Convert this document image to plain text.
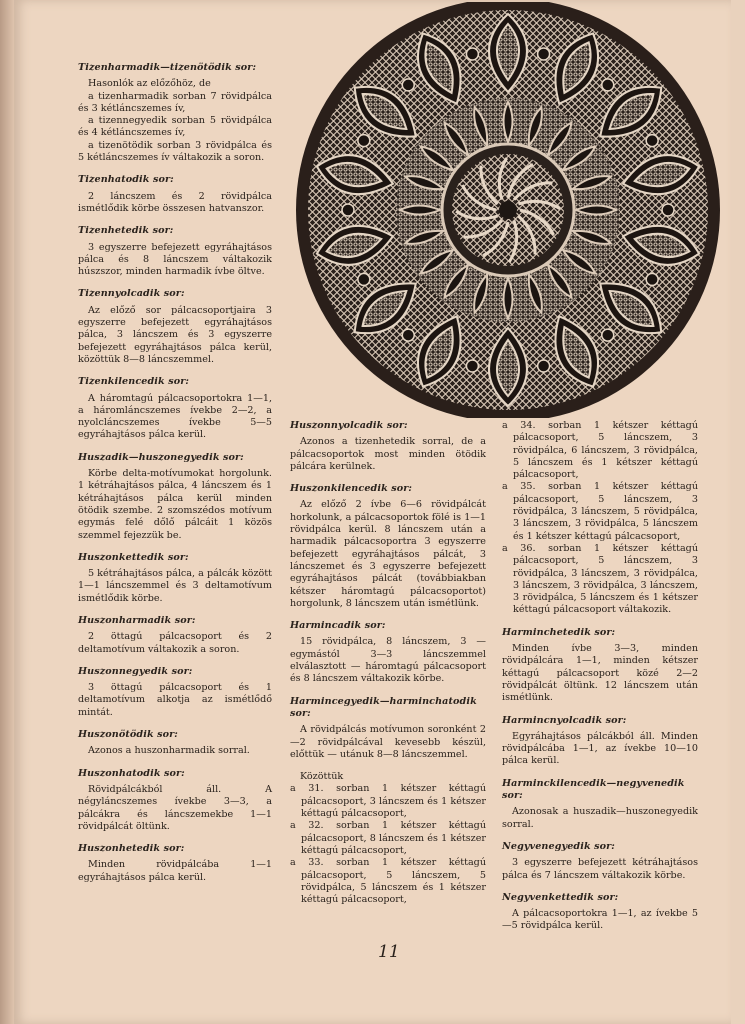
Tizenharmadik—tizenötödik sor:

Hasonlók az előzőhöz, de

a tizenharmadik sorban 7 rövidpálca és 3 kétláncszemes ív,

a tizennegyedik sorban 5 rövidpálca és 4 kétláncszemes ív,

a tizenötödik sorban 3 rövidpálca és 5 kétláncszemes ív váltakozik a soron.

Tizenhatodik sor:

2 láncszem és 2 rövidpálca ismétlődik körbe összesen hatvanszor.

Tizenhetedik sor:

3 egyszerre befejezett egyráhajtásos pálca és 8 láncszem váltakozik húszszor, minden harmadik ívbe öltve.

Tizennyolcadik sor:

Az előző sor pálcacsoportjaira 3 egyszerre befejezett egyráhajtásos pálca, 3 láncszem és 3 egyszerre befejezett egyráhajtásos pálca kerül, közöttük 8—8 láncszemmel.

Tizenkilencedik sor:

A háromtagú pálcacsoportokra 1—1, a háromláncszemes ívekbe 2—2, a nyolcláncszemes ívekbe 5—5 egyráhajtásos pálca kerül.

Huszadik—huszonegyedik sor:

Körbe delta-motívumokat horgolunk. 1 kétráhajtásos pálca, 4 láncszem és 1 kétráhajtásos pálca kerül minden ötödik szembe. 2 szomszédos motívum egymás felé dőlő pálcáit 1 közös szemmel fejezzük be.

Huszonkettedik sor:

5 kétráhajtásos pálca, a pálcák között 1—1 láncszemmel és 3 deltamotívum ismétlődik körbe.

Huszonharmadik sor:

2 öttagú pálcacsoport és 2 deltamotívum váltakozik a soron.

Huszonnegyedik sor:

3 öttagú pálcacsoport és 1 deltamotívum alkotja az ismétlődő mintát.

Huszonötödik sor:

Azonos a huszonharmadik sorral.

Huszonhatodik sor:

Rövidpálcákból áll. A négyláncszemes ívekbe 3—3, a pálcákra és láncszemekbe 1—1 rövidpálcát öltünk.

Huszonhetedik sor:

Minden rövidpálcába 1—1 egyráhajtásos pálca kerül.

Huszonnyolcadik sor:

Azonos a tizenhetedik sorral, de a pálcacsoportok most minden ötödik pálcára kerülnek.

Huszonkilencedik sor:

Az előző 2 ívbe 6—6 rövidpálcát horkolunk, a pálcacsoportok fölé is 1—1 rövidpálca kerül. 8 láncszem után a harmadik pálcacsoportra 3 egyszerre befejezett egyráhajtásos pálcát, 3 láncszemet és 3 egyszerre befejezett egyráhajtásos pálcát (továbbiakban kétszer háromtagú pálcacsoportot) horgolunk, 8 láncszem után ismétlünk.

Harmincadik sor:

15 rövidpálca, 8 láncszem, 3 — egymástól 3—3 láncszemmel elválasztott — háromtagú pálcacsoport és 8 láncszem váltakozik körbe.

Harmincegyedik—harminchatodik sor:

A rövidpálcás motívumon soronként 2—2 rövidpálcával kevesebb készül, előttük — utánuk 8—8 láncszemmel.

Közöttük

a 31. sorban 1 kétszer kéttagú pálcacsoport, 3 láncszem és 1 kétszer kéttagú pálcacsoport,

a 32. sorban 1 kétszer kéttagú pálcacsoport, 8 láncszem és 1 kétszer kéttagú pálcacsoport,

a 33. sorban 1 kétszer kéttagú pálcacsoport, 5 láncszem, 5 rövidpálca, 5 láncszem és 1 kétszer kéttagú pálcacsoport,

a 34. sorban 1 kétszer kéttagú pálcacsoport, 5 láncszem, 3 rövidpálca, 6 láncszem, 3 rövidpálca, 5 láncszem és 1 kétszer kéttagú pálcacsoport,

a 35. sorban 1 kétszer kéttagú pálcacsoport, 5 láncszem, 3 rövidpálca, 3 láncszem, 5 rövidpálca, 3 láncszem, 3 rövidpálca, 5 láncszem és 1 kétszer kéttagú pálcacsoport,

a 36. sorban 1 kétszer kéttagú pálcacsoport, 5 láncszem, 3 rövidpálca, 3 láncszem, 3 rövidpálca, 3 láncszem, 3 rövidpálca, 3 láncszem, 3 rövidpálca, 5 láncszem és 1 kétszer kéttagú pálcacsoport váltakozik.

Harminchetedik sor:

Minden ívbe 3—3, minden rövidpálcára 1—1, minden kétszer kéttagú pálcacsoport közé 2—2 rövidpálcát öltünk. 12 láncszem után ismétlünk.

Harmincnyolcadik sor:

Egyráhajtásos pálcákból áll. Minden rövidpálcába 1—1, az ívekbe 10—10 pálca kerül.

Harminckilencedik—negyvenedik sor:

Azonosak a huszadik—huszonegyedik sorral.

Negyvenegyedik sor:

3 egyszerre befejezett kétráhajtásos pálca és 7 láncszem váltakozik körbe.

Negyvenkettedik sor:

A pálcacsoportokra 1—1, az ívekbe 5—5 rövidpálca kerül.

11
